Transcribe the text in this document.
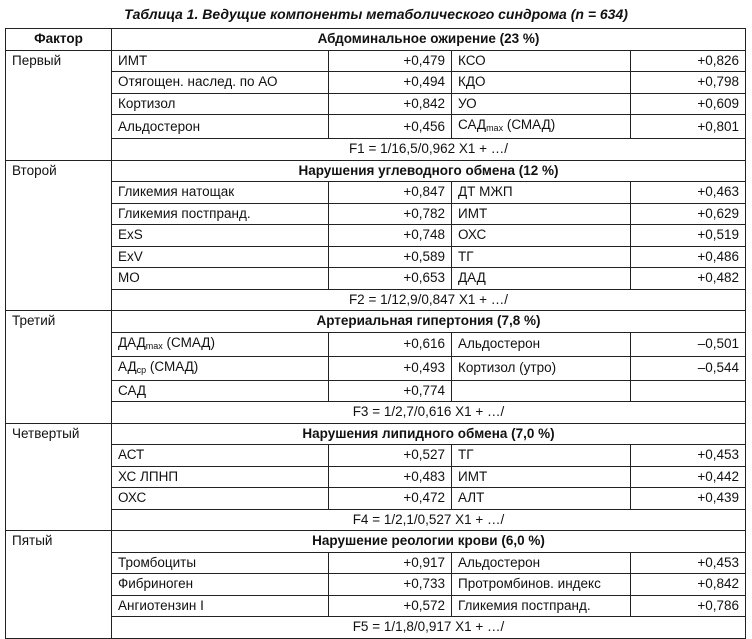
Таблица 1. Ведущие компоненты метаболического синдрома (n = 634)
Фактор	Абдоминальное ожирение (23 %)			
Первый	ИМТ	+0,479	КСО	+0,826
	Отягощен. наслед. по АО	+0,494	КДО	+0,798
	Кортизол	+0,842	УО	+0,609
	Альдостерон	+0,456	$САД_{max}$ (СМАД)	+0,801
	F1 = 1/16,5/0,962 X1 + …/			
Второй	Нарушения углеводного обмена (12 %)			
	Гликемия натощак	+0,847	ДТ МЖП	+0,463
	Гликемия постпранд.	+0,782	ИМТ	+0,629
	ExS	+0,748	ОХС	+0,519
	ExV	+0,589	ТГ	+0,486
	МО	+0,653	ДАД	+0,482
	F2 = 1/12,9/0,847 X1 + …/			
Третий	Артериальная гипертония (7,8 %)			
	$ДАД_{max}$ (СМАД)	+0,616	Альдостерон	–0,501
	$АД_{ср}$ (СМАД)	+0,493	Кортизол (утро)	–0,544
	САД	+0,774		
	F3 = 1/2,7/0,616 X1 + …/			
Четвертый	Нарушения липидного обмена (7,0 %)			
	АСТ	+0,527	ТГ	+0,453
	ХС ЛПНП	+0,483	ИМТ	+0,442
	ОХС	+0,472	АЛТ	+0,439
	F4 = 1/2,1/0,527 X1 + …/			
Пятый	Нарушение реологии крови (6,0 %)			
	Тромбоциты	+0,917	Альдостерон	+0,453
	Фибриноген	+0,733	Протромбинов. индекс	+0,842
	Ангиотензин I	+0,572	Гликемия постпранд.	+0,786
	F5 = 1/1,8/0,917 X1 + …/			
